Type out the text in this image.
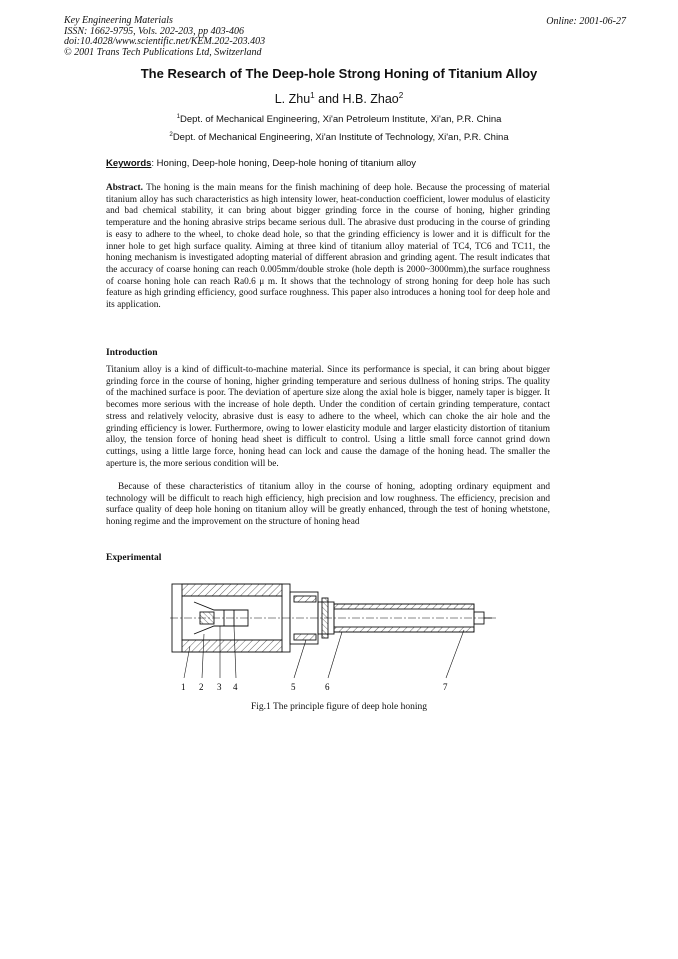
Key Engineering Materials
ISSN: 1662-9795, Vols. 202-203, pp 403-406
doi:10.4028/www.scientific.net/KEM.202-203.403
© 2001 Trans Tech Publications Ltd, Switzerland
Online: 2001-06-27
The Research of The Deep-hole Strong Honing of Titanium Alloy
L. Zhu$^1$ and H.B. Zhao$^2$
$^1$Dept. of Mechanical Engineering, Xi'an Petroleum Institute, Xi'an, P.R. China
$^2$Dept. of Mechanical Engineering, Xi'an Institute of Technology, Xi'an, P.R. China
Keywords: Honing, Deep-hole honing, Deep-hole honing of titanium alloy
Abstract. The honing is the main means for the finish machining of deep hole. Because the processing of material titanium alloy has such characteristics as high intensity lower, heat-conduction coefficient, lower modulus of elasticity and bad chemical stability, it can bring about bigger grinding force in the course of honing, higher grinding temperature and the honing abrasive strips became serious dull. The abrasive dust producing in the course of grinding is easy to adhere to the wheel, to choke dead hole, so that the grinding efficiency is lower and it is difficult for the inner hole to get high surface quality. Aiming at three kind of titanium alloy material of TC4, TC6 and TC11, the honing mechanism is investigated adopting material of different abrasion and grinding agent. The result indicates that the accuracy of coarse honing can reach 0.005mm/double stroke (hole depth is 2000~3000mm),the surface roughness of coarse honing hole can reach Ra0.6 μ m. It shows that the technology of strong honing for deep hole has such feature as high grinding efficiency, good surface roughness. This paper also introduces a honing tool for deep hole and its application.
Introduction
Titanium alloy is a kind of difficult-to-machine material. Since its performance is special, it can bring about bigger grinding force in the course of honing, higher grinding temperature and serious dullness of honing strips. The quality of the machined surface is poor. The deviation of aperture size along the axial hole is bigger, namely taper is bigger. It becomes more serious with the increase of hole depth. Under the condition of certain grinding temperature, contact stress and relatively velocity, abrasive dust is easy to adhere to the wheel, which can choke the air hole and the grinding efficiency is lower. Furthermore, owing to lower elasticity module and larger elasticity distortion of titanium alloy, the tension force of honing head sheet is difficult to control. Using a little small force cannot grind down cuttings, using a little large force, honing head can lock and cause the damage of the honing head. The smaller the aperture is, the more serious condition will be.
Because of these characteristics of titanium alloy in the course of honing, adopting ordinary equipment and technology will be difficult to reach high efficiency, high precision and low roughness. The efficiency, precision and surface quality of deep hole honing on titanium alloy will be greatly enhanced, through the test of honing whetstone, honing regime and the improvement on the structure of honing head
Experimental
1 2 3 4	5	6	7
Fig.1 The principle figure of deep hole honing
